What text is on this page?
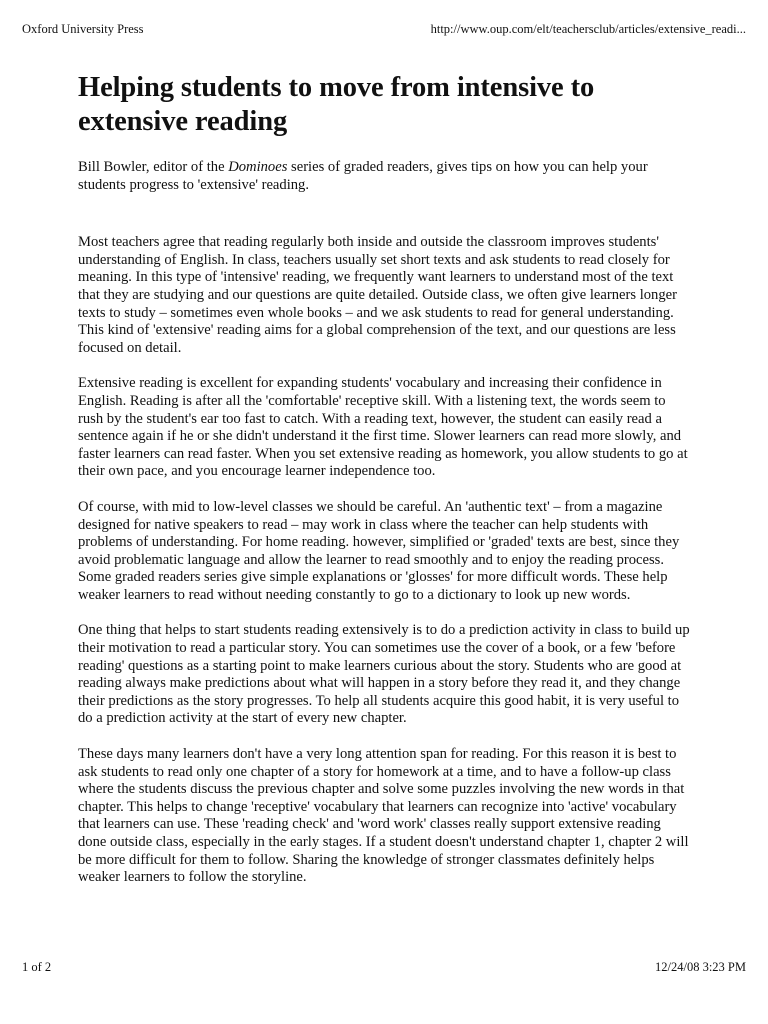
Oxford University Press	http://www.oup.com/elt/teachersclub/articles/extensive_readi...
Helping students to move from intensive to extensive reading

Bill Bowler, editor of the Dominoes series of graded readers, gives tips on how you can help your students progress to 'extensive' reading.

Most teachers agree that reading regularly both inside and outside the classroom improves students' understanding of English. In class, teachers usually set short texts and ask students to read closely for meaning. In this type of 'intensive' reading, we frequently want learners to understand most of the text that they are studying and our questions are quite detailed. Outside class, we often give learners longer texts to study – sometimes even whole books – and we ask students to read for general understanding. This kind of 'extensive' reading aims for a global comprehension of the text, and our questions are less focused on detail.

Extensive reading is excellent for expanding students' vocabulary and increasing their confidence in English. Reading is after all the 'comfortable' receptive skill. With a listening text, the words seem to rush by the student's ear too fast to catch. With a reading text, however, the student can easily read a sentence again if he or she didn't understand it the first time. Slower learners can read more slowly, and faster learners can read faster. When you set extensive reading as homework, you allow students to go at their own pace, and you encourage learner independence too.

Of course, with mid to low-level classes we should be careful. An 'authentic text' – from a magazine designed for native speakers to read – may work in class where the teacher can help students with problems of understanding. For home reading. however, simplified or 'graded' texts are best, since they avoid problematic language and allow the learner to read smoothly and to enjoy the reading process. Some graded readers series give simple explanations or 'glosses' for more difficult words. These help weaker learners to read without needing constantly to go to a dictionary to look up new words.

One thing that helps to start students reading extensively is to do a prediction activity in class to build up their motivation to read a particular story. You can sometimes use the cover of a book, or a few 'before reading' questions as a starting point to make learners curious about the story. Students who are good at reading always make predictions about what will happen in a story before they read it, and they change their predictions as the story progresses. To help all students acquire this good habit, it is very useful to do a prediction activity at the start of every new chapter.

These days many learners don't have a very long attention span for reading. For this reason it is best to ask students to read only one chapter of a story for homework at a time, and to have a follow-up class where the students discuss the previous chapter and solve some puzzles involving the new words in that chapter. This helps to change 'receptive' vocabulary that learners can recognize into 'active' vocabulary that learners can use. These 'reading check' and 'word work' classes really support extensive reading done outside class, especially in the early stages. If a student doesn't understand chapter 1, chapter 2 will be more difficult for them to follow. Sharing the knowledge of stronger classmates definitely helps weaker learners to follow the storyline.

1 of 2	12/24/08 3:23 PM
